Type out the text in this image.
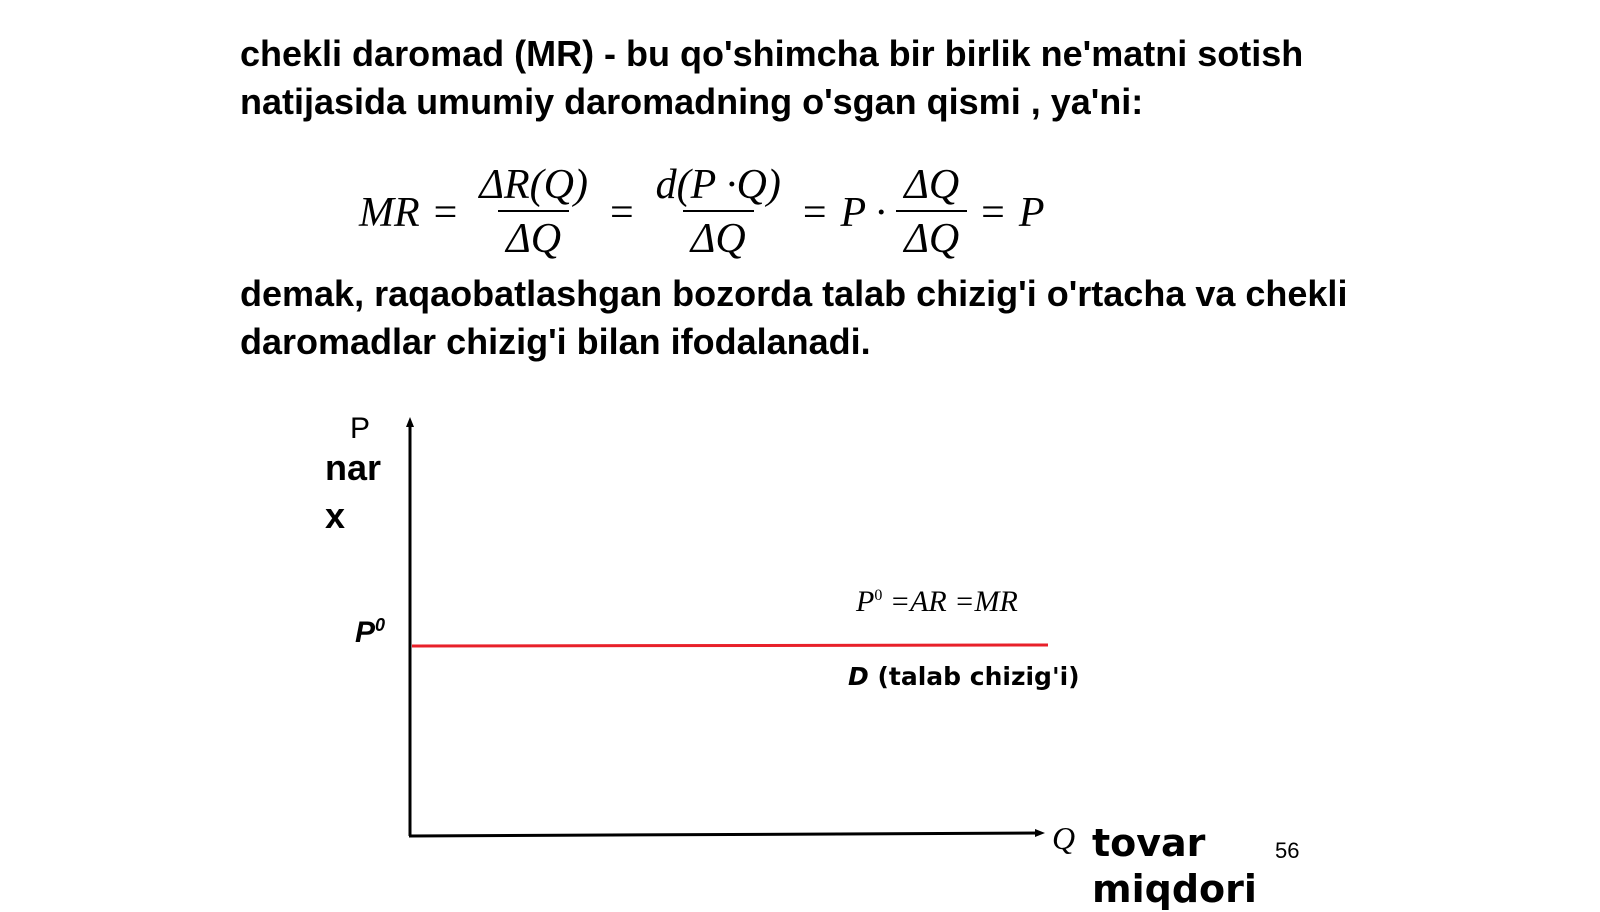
chekli daromad (MR) - bu qo'shimcha bir birlik ne'matni sotish natijasida umumiy daromadning o'sgan qismi , ya'ni:

MR = $\frac{\Delta R(Q)}{\Delta Q} = \frac{d(P \cdot Q)}{\Delta Q} = P \cdot \frac{\Delta Q}{\Delta Q} = P$

demak, raqaobatlashgan bozorda talab chizig'i o'rtacha va chekli daromadlar chizig'i bilan ifodalanadi.

P
narx
$P^0$
$P^0 =AR =MR$
D (talab chizig'i)
Q tovar miqdori
56
